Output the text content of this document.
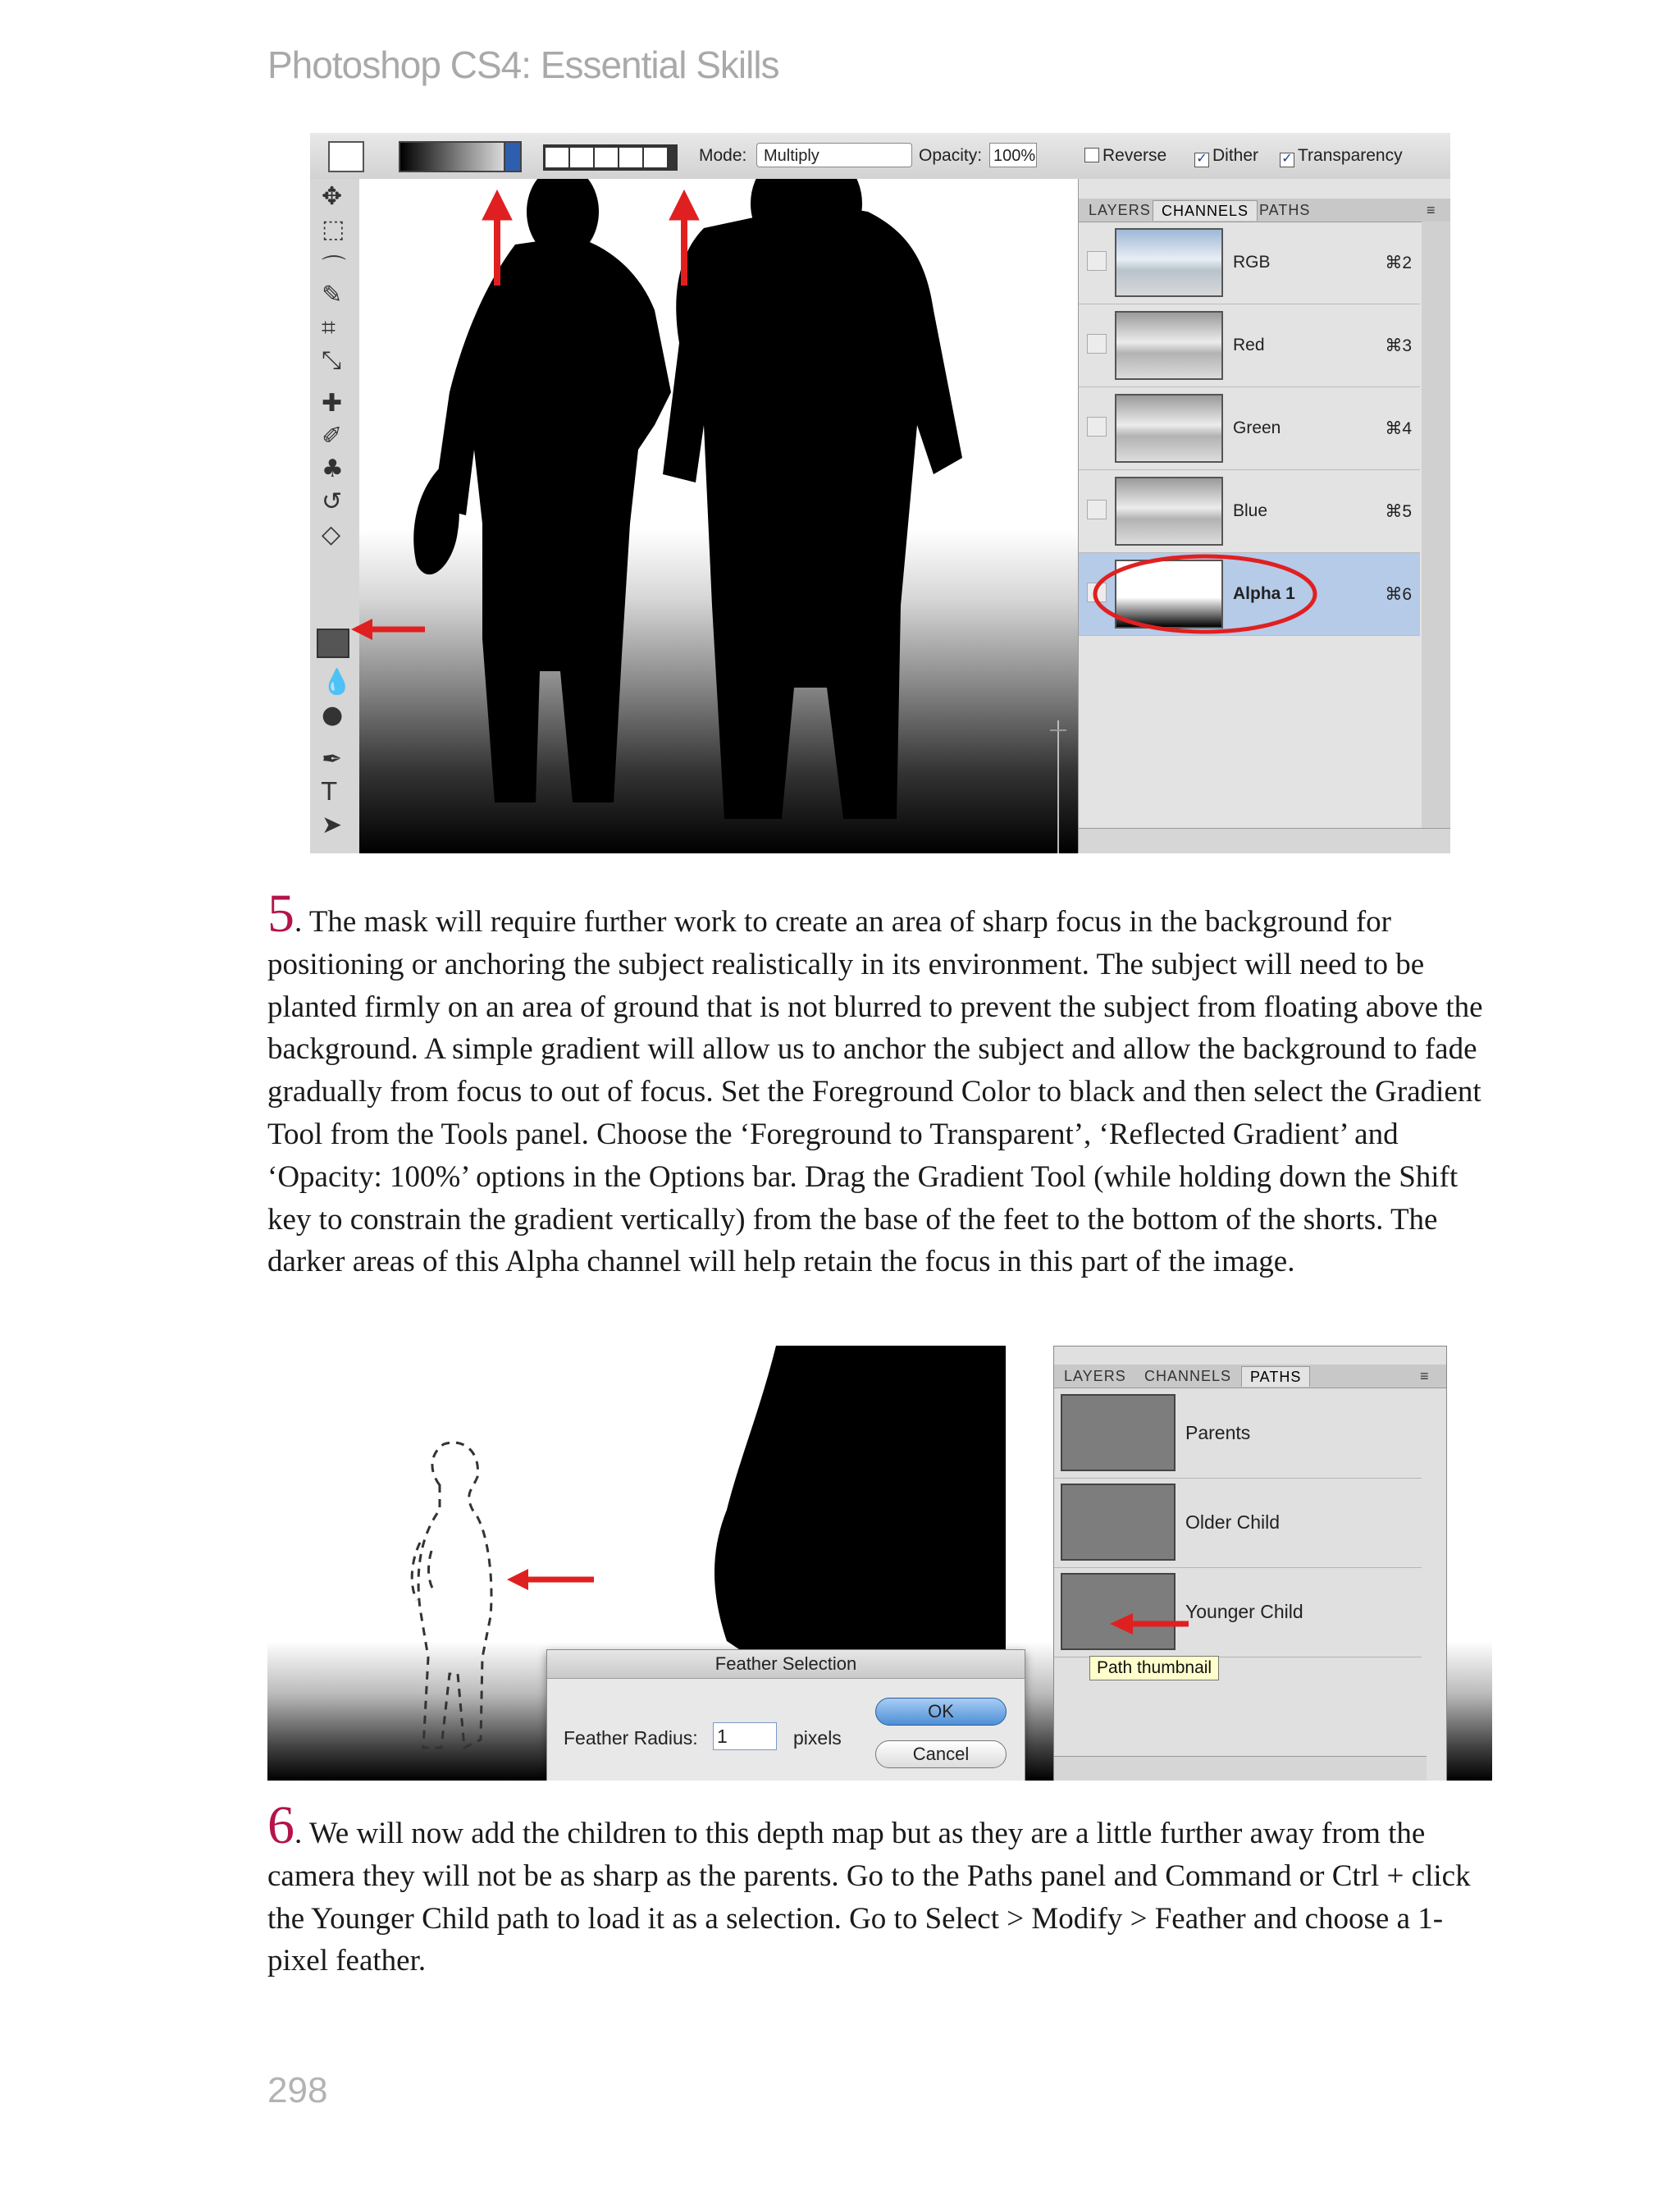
Photoshop CS4: Essential Skills
Mode:	Multiply	Opacity: 100%	Reverse ✓ Dither ✓ Transparency
✥
⬚
⌒
✎
⌗
⤡
✚
✐
♣
↺
◇
💧
●
✒
T
➤
LAYERS CHANNELS PATHS	≡
RGB	⌘2
Red	⌘3
Green	⌘4
Blue	⌘5
Alpha 1	⌘6

5. The mask will require further work to create an area of sharp focus in the background for positioning or anchoring the subject realistically in its environment. The subject will need to be planted firmly on an area of ground that is not blurred to prevent the subject from floating above the background. A simple gradient will allow us to anchor the subject and allow the background to fade gradually from focus to out of focus. Set the Foreground Color to black and then select the Gradient Tool from the Tools panel. Choose the ‘Foreground to Transparent’, ‘Reflected Gradient’ and ‘Opacity: 100%’ options in the Options bar. Drag the Gradient Tool (while holding down the Shift key to constrain the gradient vertically) from the base of the feet to the bottom of the shorts. The darker areas of this Alpha channel will help retain the focus in this part of the image.

LAYERS	CHANNELS	PATHS	≡
Parents
Older Child
Younger Child
Path thumbnail
Feather Selection
Feather Radius: 1	pixels
OK
Cancel

6. We will now add the children to this depth map but as they are a little further away from the camera they will not be as sharp as the parents. Go to the Paths panel and Command or Ctrl + click the Younger Child path to load it as a selection. Go to Select > Modify > Feather and choose a 1-pixel feather.

298
